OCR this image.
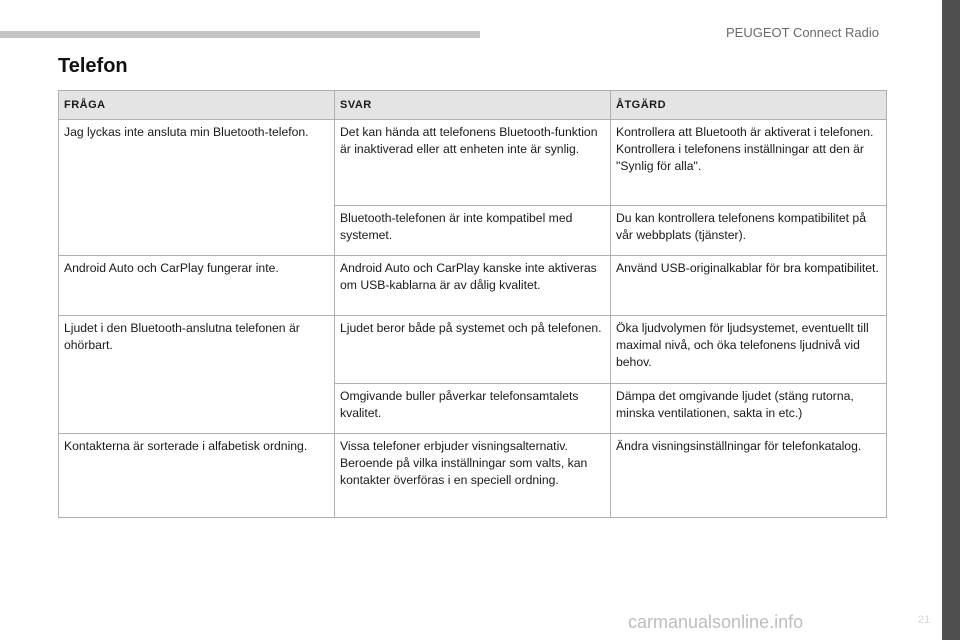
PEUGEOT Connect Radio
Telefon
FRÅGA	SVAR	ÅTGÄRD
Jag lyckas inte ansluta min Bluetooth-telefon.	Det kan hända att telefonens Bluetooth-funktion är inaktiverad eller att enheten inte är synlig.	Kontrollera att Bluetooth är aktiverat i telefonen.
Kontrollera i telefonens inställningar att den är "Synlig för alla".
	Bluetooth-telefonen är inte kompatibel med systemet.	Du kan kontrollera telefonens kompatibilitet på vår webbplats (tjänster).
Android Auto och CarPlay fungerar inte.	Android Auto och CarPlay kanske inte aktiveras om USB-kablarna är av dålig kvalitet.	Använd USB-originalkablar för bra kompatibilitet.
Ljudet i den Bluetooth-anslutna telefonen är ohörbart.	Ljudet beror både på systemet och på telefonen.	Öka ljudvolymen för ljudsystemet, eventuellt till maximal nivå, och öka telefonens ljudnivå vid behov.
	Omgivande buller påverkar telefonsamtalets kvalitet.	Dämpa det omgivande ljudet (stäng rutorna, minska ventilationen, sakta in etc.)
Kontakterna är sorterade i alfabetisk ordning.	Vissa telefoner erbjuder visningsalternativ. Beroende på vilka inställningar som valts, kan kontakter överföras i en speciell ordning.	Ändra visningsinställningar för telefonkatalog.
21
carmanualsonline.info
